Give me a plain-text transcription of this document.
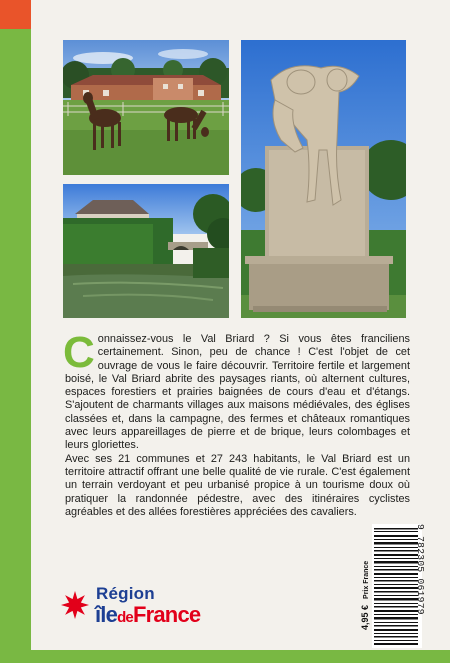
C onnaissez-vous le Val Briard ? Si vous êtes franciliens certainement. Sinon, peu de chance ! C'est l'objet de cet ouvrage de vous le faire découvrir. Territoire fertile et largement boisé, le Val Briard abrite des paysages riants, où alternent cultures, espaces forestiers et prairies baignées de cours d'eau et d'étangs. S'ajoutent de charmants villages aux maisons médiévales, des églises classées et, dans la campagne, des fermes et châteaux romantiques avec leurs appareillages de pierre et de brique, leurs colombages et leurs gloriettes.

Avec ses 21 communes et 27 243 habitants, le Val Briard est un territoire attractif offrant une belle qualité de vie rurale. C'est également un terrain verdoyant et peu urbanisé propice à un tourisme doux où pratiquer la randonnée pédestre, avec des itinéraires cyclistes agréables et des allées forestières appréciées des cavaliers.

Région
îledeFrance	4,95 €Prix France	9 782305 061979
